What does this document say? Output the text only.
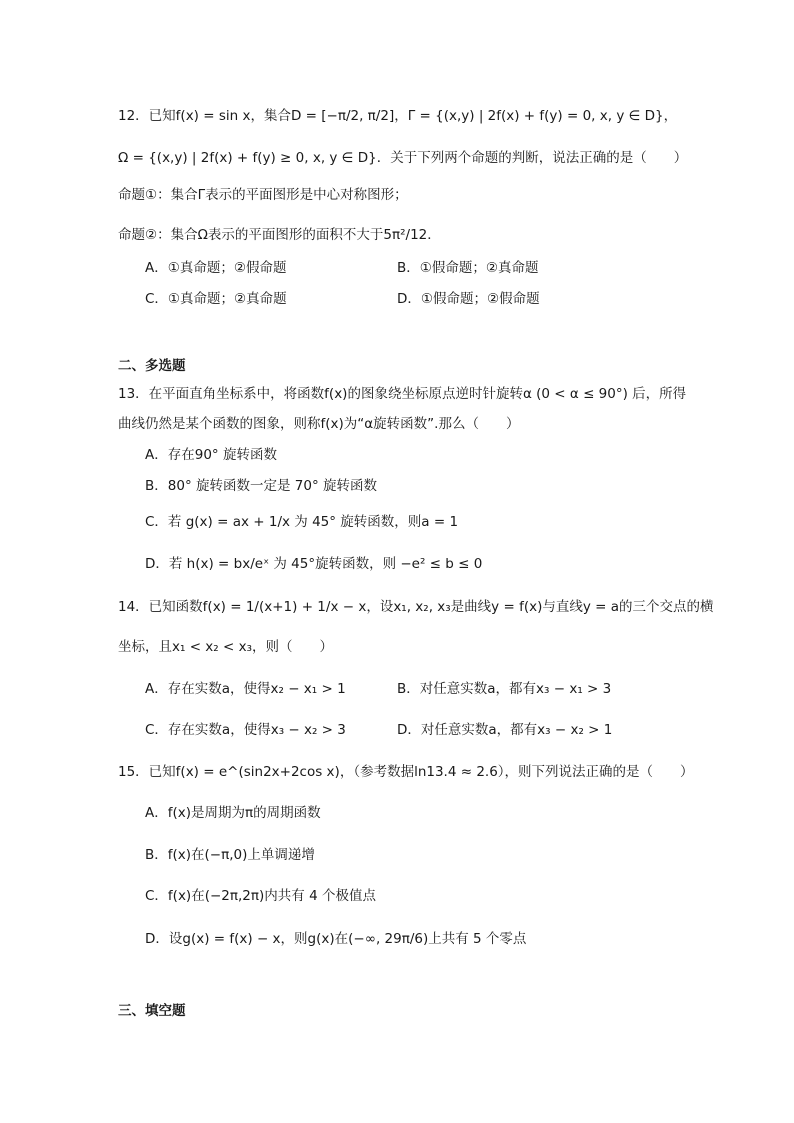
12．已知f(x) = sin x，集合D = [−π/2, π/2]，Γ = {(x,y) | 2f(x) + f(y) = 0, x, y ∈ D}，
Ω = {(x,y) | 2f(x) + f(y) ≥ 0, x, y ∈ D}．关于下列两个命题的判断，说法正确的是（　　）
命题①：集合Γ表示的平面图形是中心对称图形；
命题②：集合Ω表示的平面图形的面积不大于5π²/12．
A．①真命题；②假命题	B．①假命题；②真命题
C．①真命题；②真命题	D．①假命题；②假命题
二、多选题
13．在平面直角坐标系中，将函数f(x)的图象绕坐标原点逆时针旋转α (0 < α ≤ 90°) 后，所得
曲线仍然是某个函数的图象，则称f(x)为“α旋转函数”.那么（　　）
A．存在90° 旋转函数
B．80° 旋转函数一定是 70° 旋转函数
C．若 g(x) = ax + 1/x 为 45° 旋转函数，则a = 1
D．若 h(x) = bx/eˣ 为 45°旋转函数，则 −e² ≤ b ≤ 0
14．已知函数f(x) = 1/(x+1) + 1/x − x，设x₁, x₂, x₃是曲线y = f(x)与直线y = a的三个交点的横
坐标，且x₁ < x₂ < x₃，则（　　）
A．存在实数a，使得x₂ − x₁ > 1	B．对任意实数a，都有x₃ − x₁ > 3
C．存在实数a，使得x₃ − x₂ > 3	D．对任意实数a，都有x₃ − x₂ > 1
15．已知f(x) = e^(sin2x+2cos x)，（参考数据ln13.4 ≈ 2.6），则下列说法正确的是（　　）
A．f(x)是周期为π的周期函数
B．f(x)在(−π,0)上单调递增
C．f(x)在(−2π,2π)内共有 4 个极值点
D．设g(x) = f(x) − x，则g(x)在(−∞, 29π/6)上共有 5 个零点
三、填空题
